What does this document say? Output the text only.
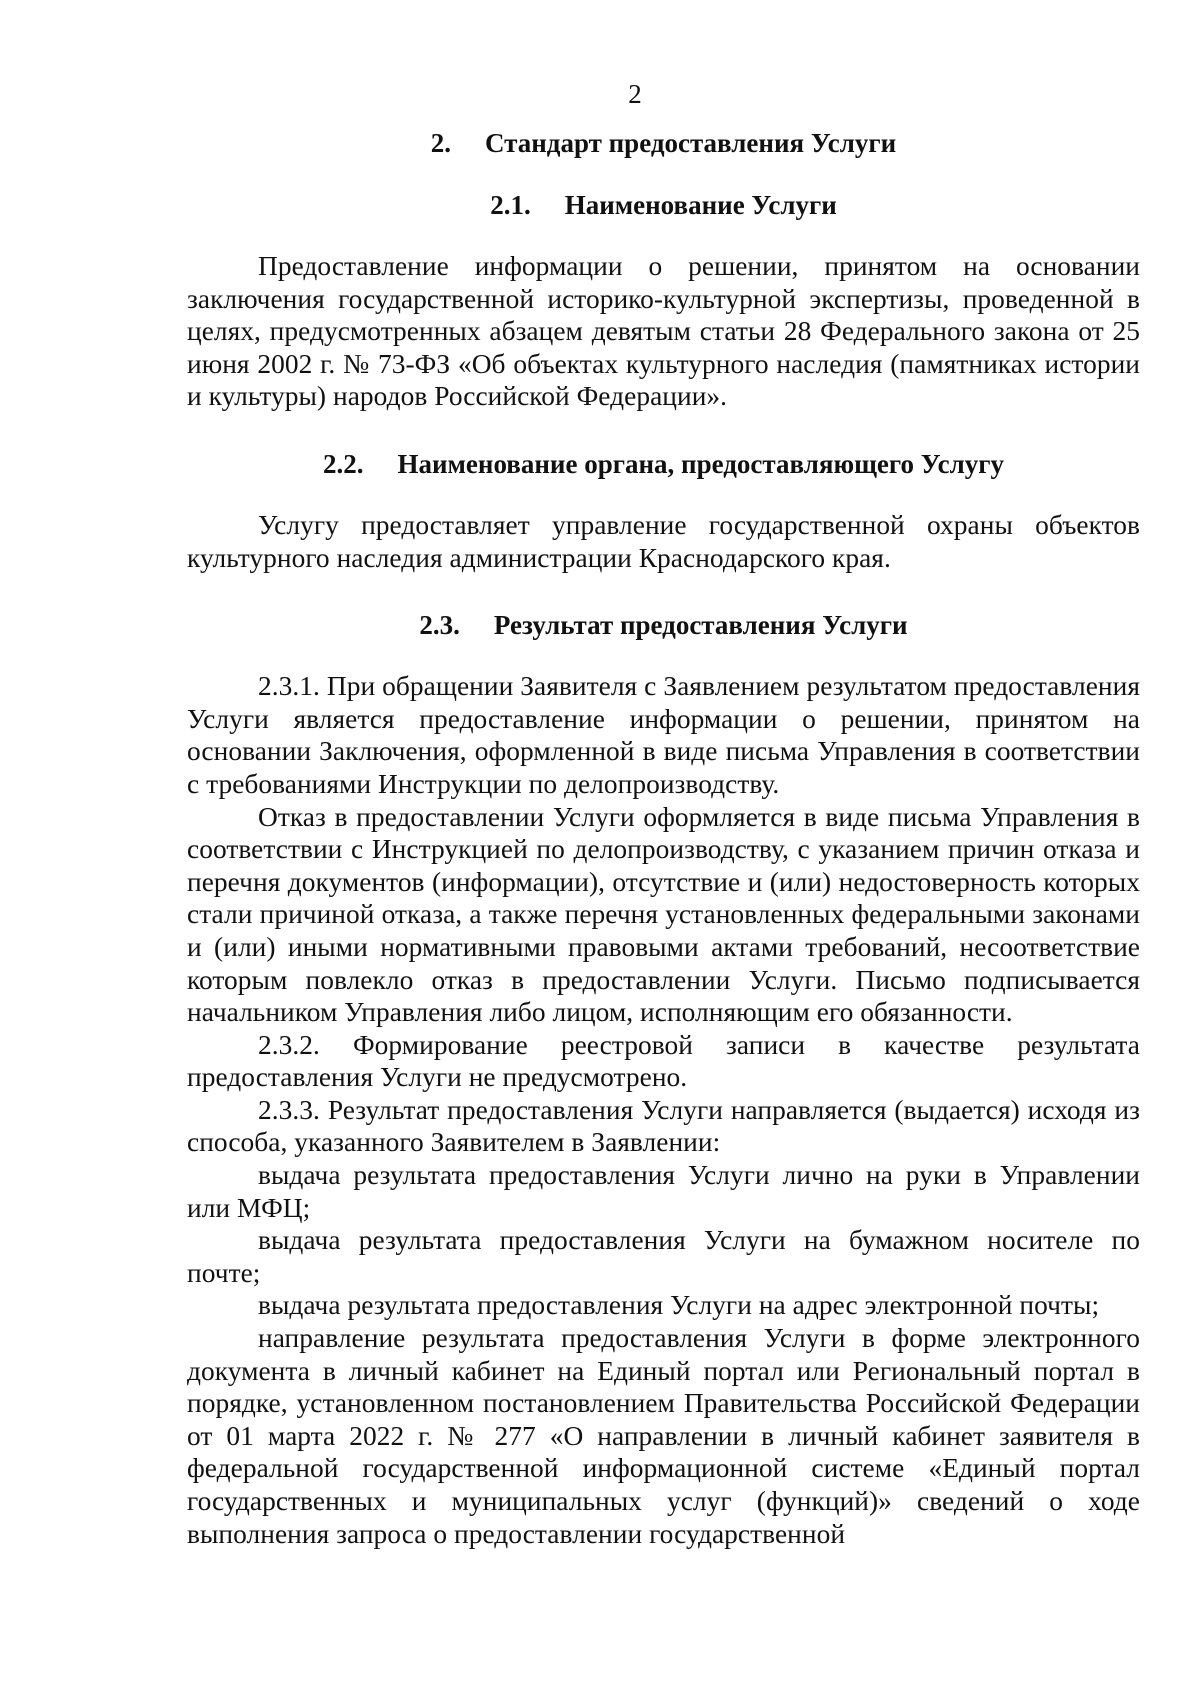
2
2. Стандарт предоставления Услуги
2.1. Наименование Услуги

Предоставление информации о решении, принятом на основании заключения государственной историко-культурной экспертизы, проведенной в целях, предусмотренных абзацем девятым статьи 28 Федерального закона от 25 июня 2002 г. № 73-ФЗ «Об объектах культурного наследия (памятниках истории и культуры) народов Российской Федерации».

2.2. Наименование органа, предоставляющего Услугу

Услугу предоставляет управление государственной охраны объектов культурного наследия администрации Краснодарского края.

2.3. Результат предоставления Услуги

2.3.1. При обращении Заявителя с Заявлением результатом предоставления Услуги является предоставление информации о решении, принятом на основании Заключения, оформленной в виде письма Управления в соответствии с требованиями Инструкции по делопроизводству.

Отказ в предоставлении Услуги оформляется в виде письма Управления в соответствии с Инструкцией по делопроизводству, с указанием причин отказа и перечня документов (информации), отсутствие и (или) недостоверность которых стали причиной отказа, а также перечня установленных федеральными законами и (или) иными нормативными правовыми актами требований, несоответствие которым повлекло отказ в предоставлении Услуги. Письмо подписывается начальником Управления либо лицом, исполняющим его обязанности.

2.3.2. Формирование реестровой записи в качестве результата предоставления Услуги не предусмотрено.

2.3.3. Результат предоставления Услуги направляется (выдается) исходя из способа, указанного Заявителем в Заявлении:

выдача результата предоставления Услуги лично на руки в Управлении или МФЦ;

выдача результата предоставления Услуги на бумажном носителе по почте;

выдача результата предоставления Услуги на адрес электронной почты;

направление результата предоставления Услуги в форме электронного документа в личный кабинет на Единый портал или Региональный портал в порядке, установленном постановлением Правительства Российской Федерации от 01 марта 2022 г. № 277 «О направлении в личный кабинет заявителя в федеральной государственной информационной системе «Единый портал государственных и муниципальных услуг (функций)» сведений о ходе выполнения запроса о предоставлении государственной
